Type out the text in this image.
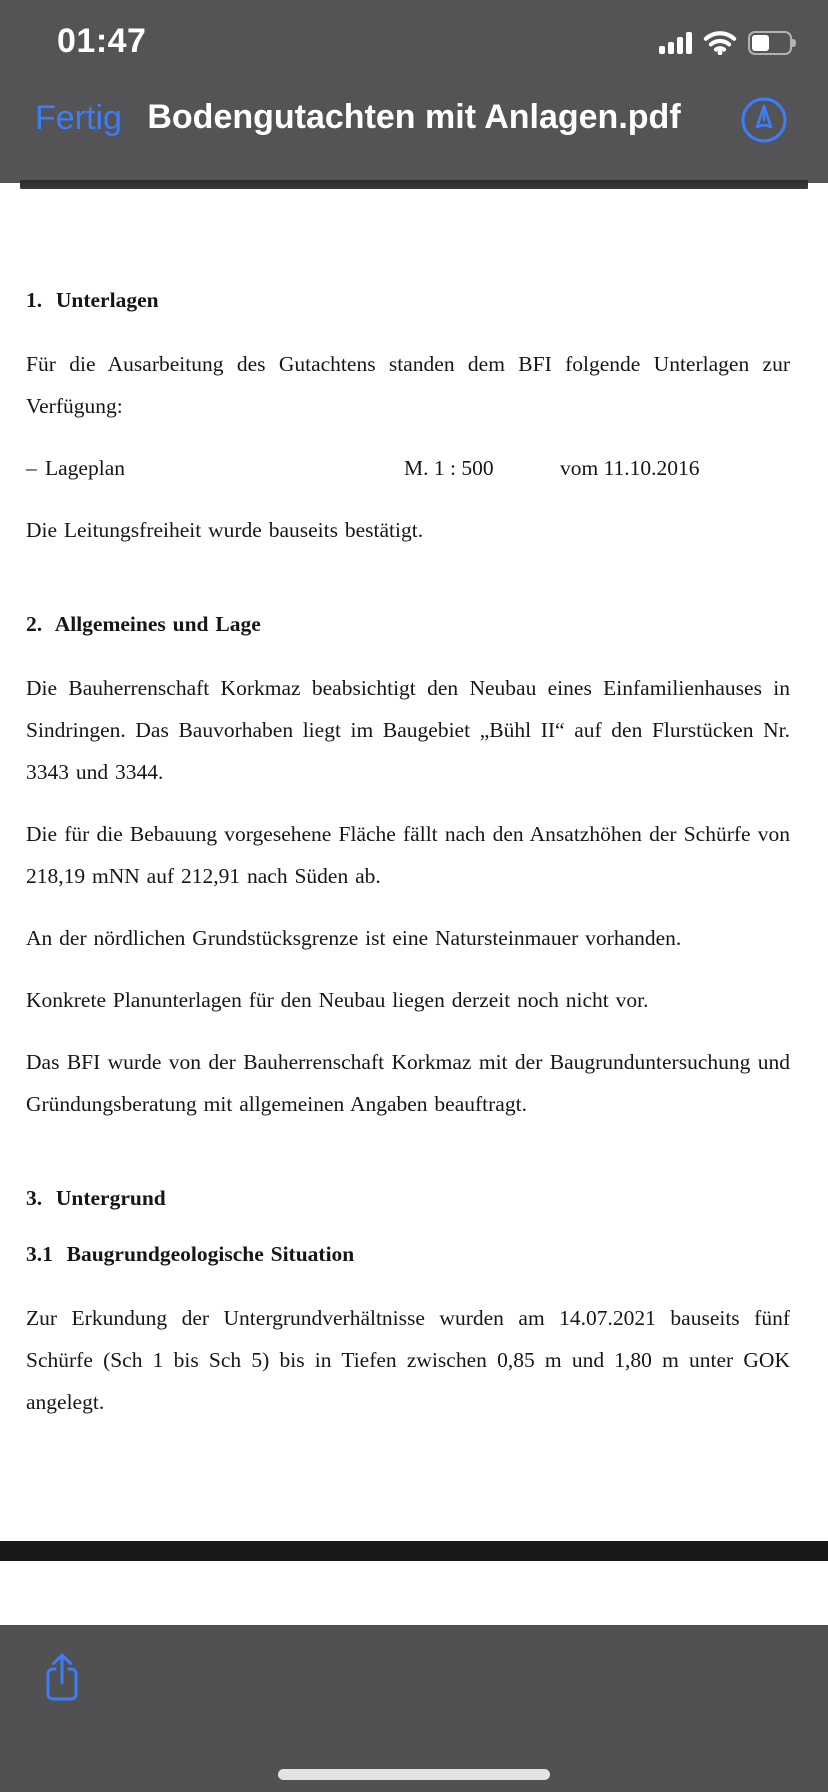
01:47
Fertig Bodengutachten mit Anlagen.pdf

1.  Unterlagen

Für die Ausarbeitung des Gutachtens standen dem BFI folgende Unterlagen zur Verfügung:

– Lageplan	M. 1 : 500	vom 11.10.2016

Die Leitungsfreiheit wurde bauseits bestätigt.

2.  Allgemeines und Lage

Die Bauherrenschaft Korkmaz beabsichtigt den Neubau eines Einfamilienhauses in Sindringen. Das Bauvorhaben liegt im Baugebiet „Bühl II“ auf den Flurstücken Nr. 3343 und 3344.

Die für die Bebauung vorgesehene Fläche fällt nach den Ansatzhöhen der Schürfe von 218,19 mNN auf 212,91 nach Süden ab.

An der nördlichen Grundstücksgrenze ist eine Natursteinmauer vorhanden.

Konkrete Planunterlagen für den Neubau liegen derzeit noch nicht vor.

Das BFI wurde von der Bauherrenschaft Korkmaz mit der Baugrunduntersuchung und Gründungsberatung mit allgemeinen Angaben beauftragt.

3.  Untergrund

3.1  Baugrundgeologische Situation

Zur Erkundung der Untergrundverhältnisse wurden am 14.07.2021 bauseits fünf Schürfe (Sch 1 bis Sch 5) bis in Tiefen zwischen 0,85 m und 1,80 m unter GOK angelegt.
